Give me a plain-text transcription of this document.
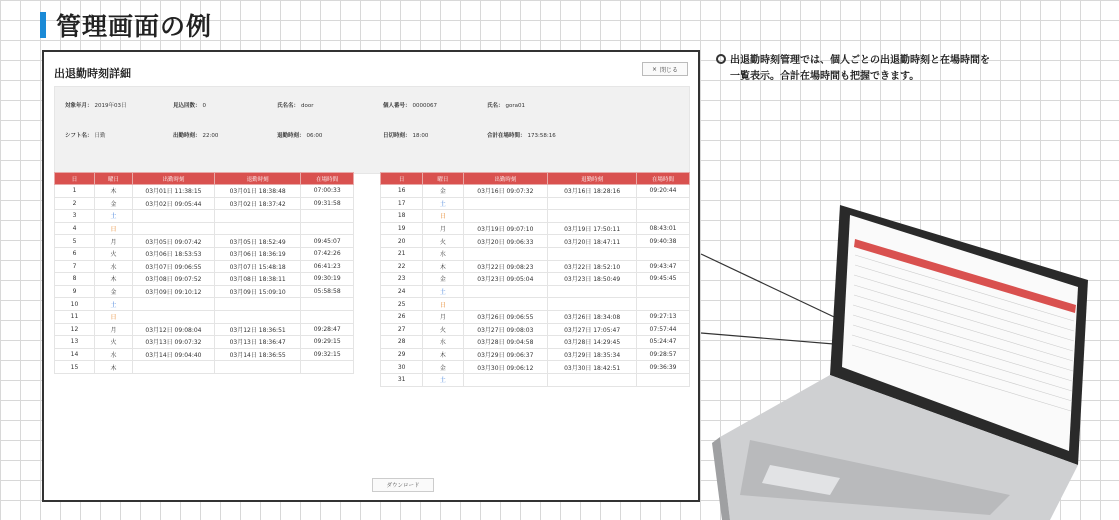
管理画面の例
出退勤時刻詳細	× 閉じる
対象年月： 2019年03日	見込回数： 0	氏名名： door	個人番号： 0000067	氏名： gora01
シフト名： 日勤	出勤時刻： 22:00	退勤時刻： 06:00	日切時刻： 18:00	合計在場時間： 173:58:16
日	曜日	出勤時刻	退勤時刻	在場時間
1	木	03月01日 11:38:15	03月01日 18:38:48	07:00:33
2	金	03月02日 09:05:44	03月02日 18:37:42	09:31:58
3	土			
4	日			
5	月	03月05日 09:07:42	03月05日 18:52:49	09:45:07
6	火	03月06日 18:53:53	03月06日 18:36:19	07:42:26
7	水	03月07日 09:06:55	03月07日 15:48:18	06:41:23
8	木	03月08日 09:07:52	03月08日 18:38:11	09:30:19
9	金	03月09日 09:10:12	03月09日 15:09:10	05:58:58
10	土			
11	日			
12	月	03月12日 09:08:04	03月12日 18:36:51	09:28:47
13	火	03月13日 09:07:32	03月13日 18:36:47	09:29:15
14	水	03月14日 09:04:40	03月14日 18:36:55	09:32:15
15	木			
日	曜日	出勤時刻	退勤時刻	在場時間
16	金	03月16日 09:07:32	03月16日 18:28:16	09:20:44
17	土			
18	日			
19	月	03月19日 09:07:10	03月19日 17:50:11	08:43:01
20	火	03月20日 09:06:33	03月20日 18:47:11	09:40:38
21	水			
22	木	03月22日 09:08:23	03月22日 18:52:10	09:43:47
23	金	03月23日 09:05:04	03月23日 18:50:49	09:45:45
24	土			
25	日			
26	月	03月26日 09:06:55	03月26日 18:34:08	09:27:13
27	火	03月27日 09:08:03	03月27日 17:05:47	07:57:44
28	水	03月28日 09:04:58	03月28日 14:29:45	05:24:47
29	木	03月29日 09:06:37	03月29日 18:35:34	09:28:57
30	金	03月30日 09:06:12	03月30日 18:42:51	09:36:39
31	土			
ダウンロード
出退勤時刻管理では、個人ごとの出退勤時刻と在場時間を
一覧表示。合計在場時間も把握できます。
